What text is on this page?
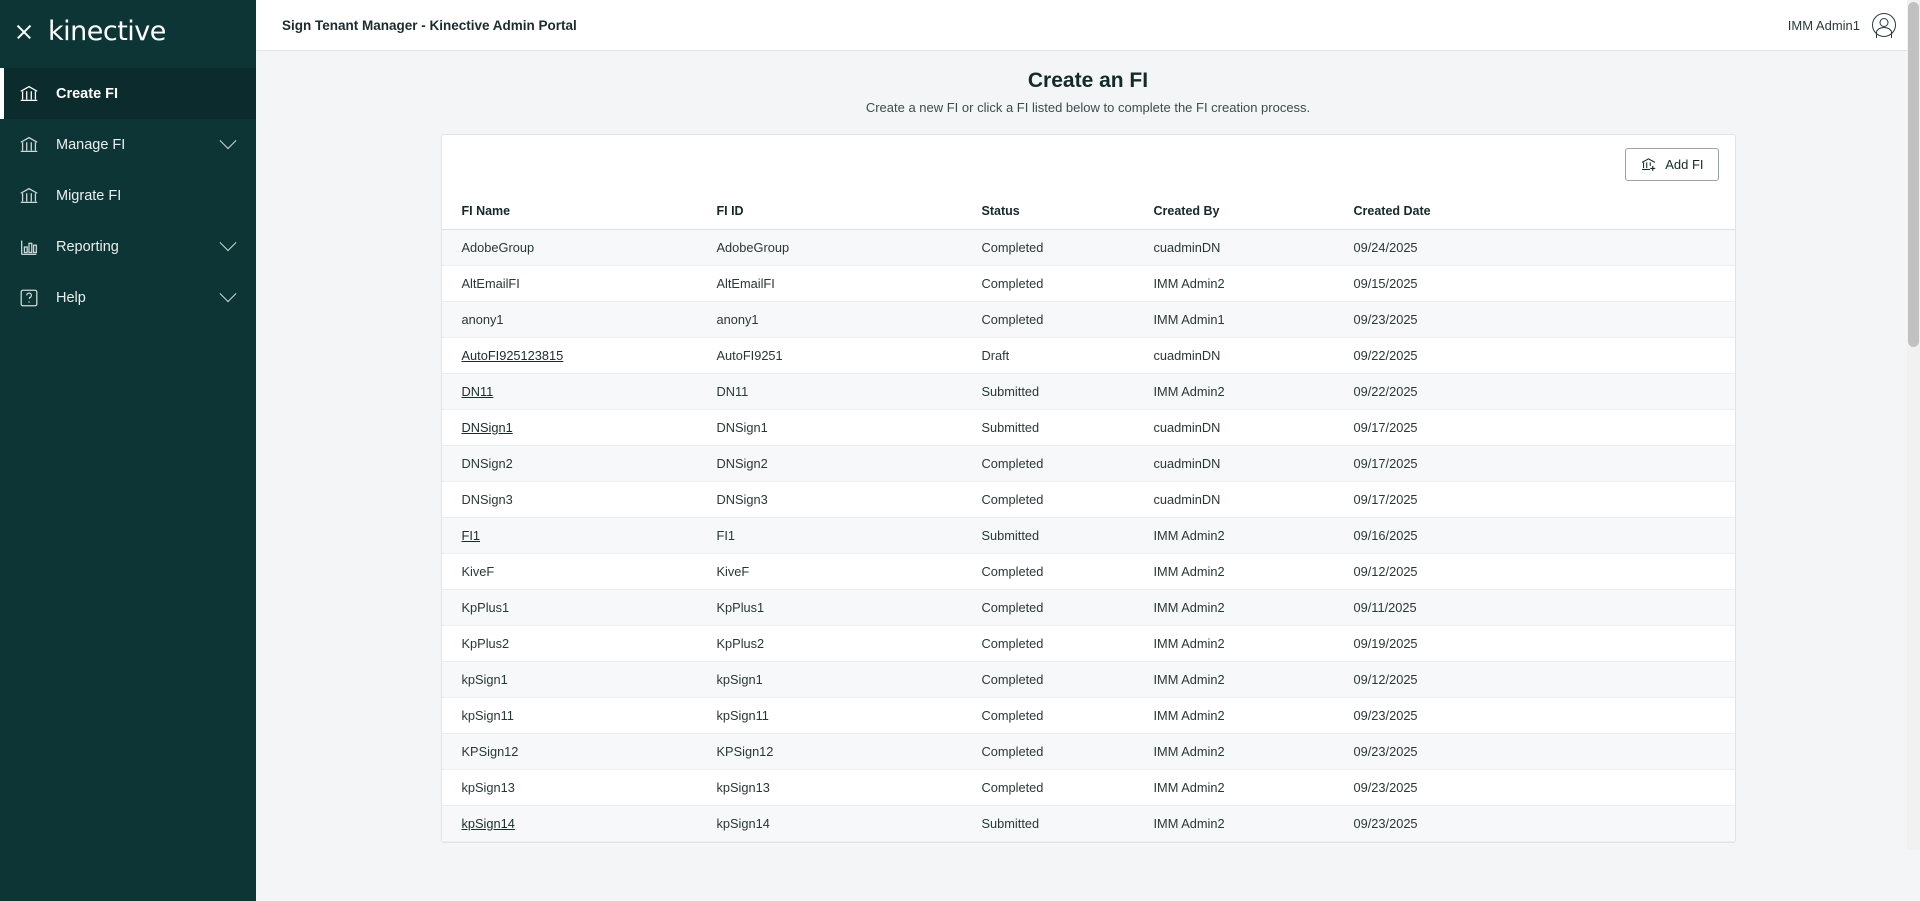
kinective
Create FI
Manage FI
Migrate FI
Reporting
Help
Sign Tenant Manager - Kinective Admin Portal	IMM Admin1
Create an FI

Create a new FI or click a FI listed below to complete the FI creation process.

Add FI
FI Name	FI ID	Status	Created By	Created Date
AdobeGroup	AdobeGroup	Completed	cuadminDN	09/24/2025
AltEmailFI	AltEmailFI	Completed	IMM Admin2	09/15/2025
anony1	anony1	Completed	IMM Admin1	09/23/2025
AutoFI925123815	AutoFI9251	Draft	cuadminDN	09/22/2025
DN11	DN11	Submitted	IMM Admin2	09/22/2025
DNSign1	DNSign1	Submitted	cuadminDN	09/17/2025
DNSign2	DNSign2	Completed	cuadminDN	09/17/2025
DNSign3	DNSign3	Completed	cuadminDN	09/17/2025
FI1	FI1	Submitted	IMM Admin2	09/16/2025
KiveF	KiveF	Completed	IMM Admin2	09/12/2025
KpPlus1	KpPlus1	Completed	IMM Admin2	09/11/2025
KpPlus2	KpPlus2	Completed	IMM Admin2	09/19/2025
kpSign1	kpSign1	Completed	IMM Admin2	09/12/2025
kpSign11	kpSign11	Completed	IMM Admin2	09/23/2025
KPSign12	KPSign12	Completed	IMM Admin2	09/23/2025
kpSign13	kpSign13	Completed	IMM Admin2	09/23/2025
kpSign14	kpSign14	Submitted	IMM Admin2	09/23/2025
